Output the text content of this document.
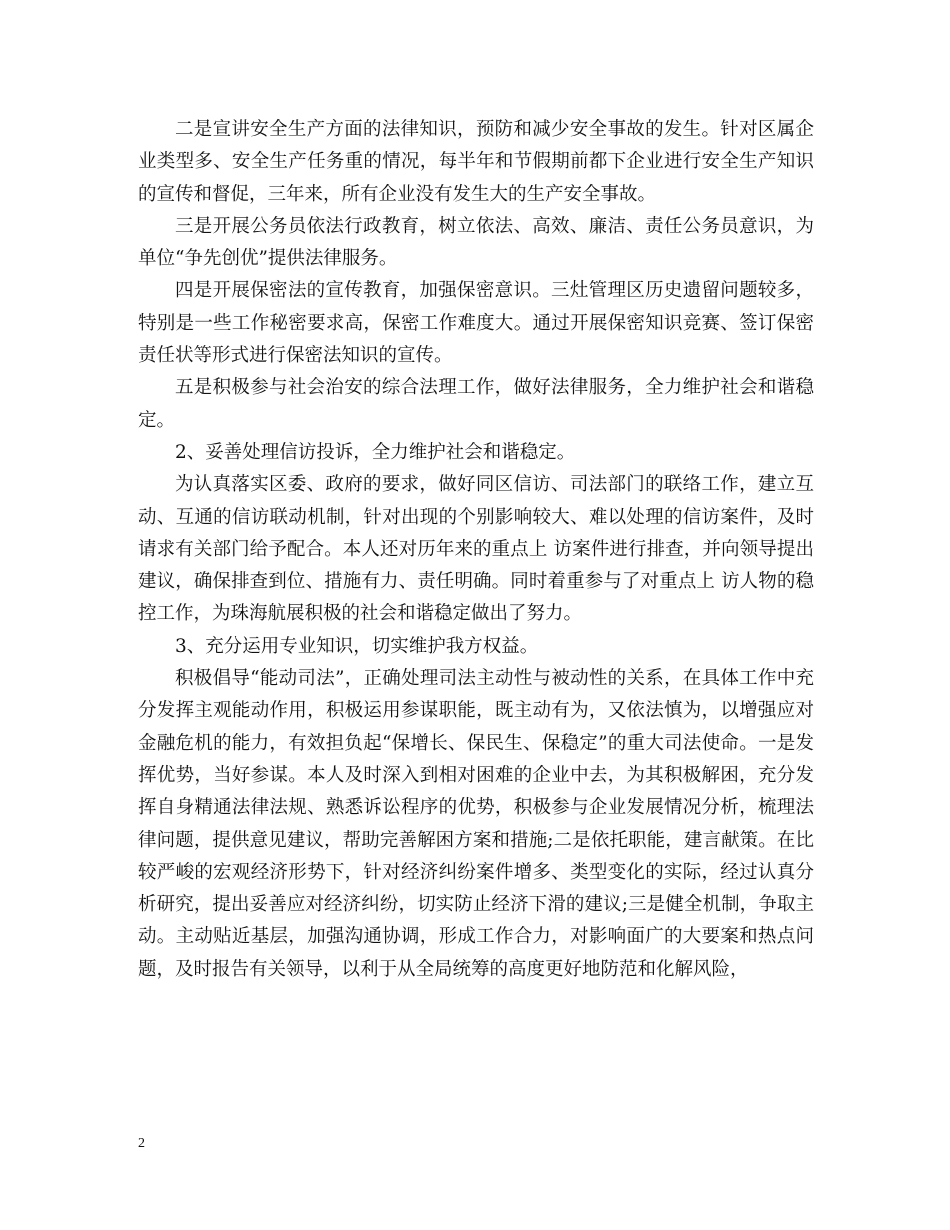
二是宣讲安全生产方面的法律知识，预防和减少安全事故的发生。针对区属企业类型多、安全生产任务重的情况，每半年和节假期前都下企业进行安全生产知识的宣传和督促，三年来，所有企业没有发生大的生产安全事故。

三是开展公务员依法行政教育，树立依法、高效、廉洁、责任公务员意识，为单位“争先创优”提供法律服务。

四是开展保密法的宣传教育，加强保密意识。三灶管理区历史遗留问题较多，特别是一些工作秘密要求高，保密工作难度大。通过开展保密知识竞赛、签订保密责任状等形式进行保密法知识的宣传。

五是积极参与社会治安的综合法理工作，做好法律服务，全力维护社会和谐稳定。

2、妥善处理信访投诉，全力维护社会和谐稳定。

为认真落实区委、政府的要求，做好同区信访、司法部门的联络工作，建立互动、互通的信访联动机制，针对出现的个别影响较大、难以处理的信访案件，及时请求有关部门给予配合。本人还对历年来的重点上 访案件进行排查，并向领导提出建议，确保排查到位、措施有力、责任明确。同时着重参与了对重点上 访人物的稳控工作，为珠海航展积极的社会和谐稳定做出了努力。

3、充分运用专业知识，切实维护我方权益。

积极倡导“能动司法”，正确处理司法主动性与被动性的关系，在具体工作中充分发挥主观能动作用，积极运用参谋职能，既主动有为，又依法慎为，以增强应对金融危机的能力，有效担负起“保增长、保民生、保稳定”的重大司法使命。一是发挥优势，当好参谋。本人及时深入到相对困难的企业中去，为其积极解困，充分发挥自身精通法律法规、熟悉诉讼程序的优势，积极参与企业发展情况分析，梳理法律问题，提供意见建议，帮助完善解困方案和措施;二是依托职能，建言献策。在比较严峻的宏观经济形势下，针对经济纠纷案件增多、类型变化的实际，经过认真分析研究，提出妥善应对经济纠纷，切实防止经济下滑的建议;三是健全机制，争取主动。主动贴近基层，加强沟通协调，形成工作合力，对影响面广的大要案和热点问题，及时报告有关领导，以利于从全局统筹的高度更好地防范和化解风险，

2
